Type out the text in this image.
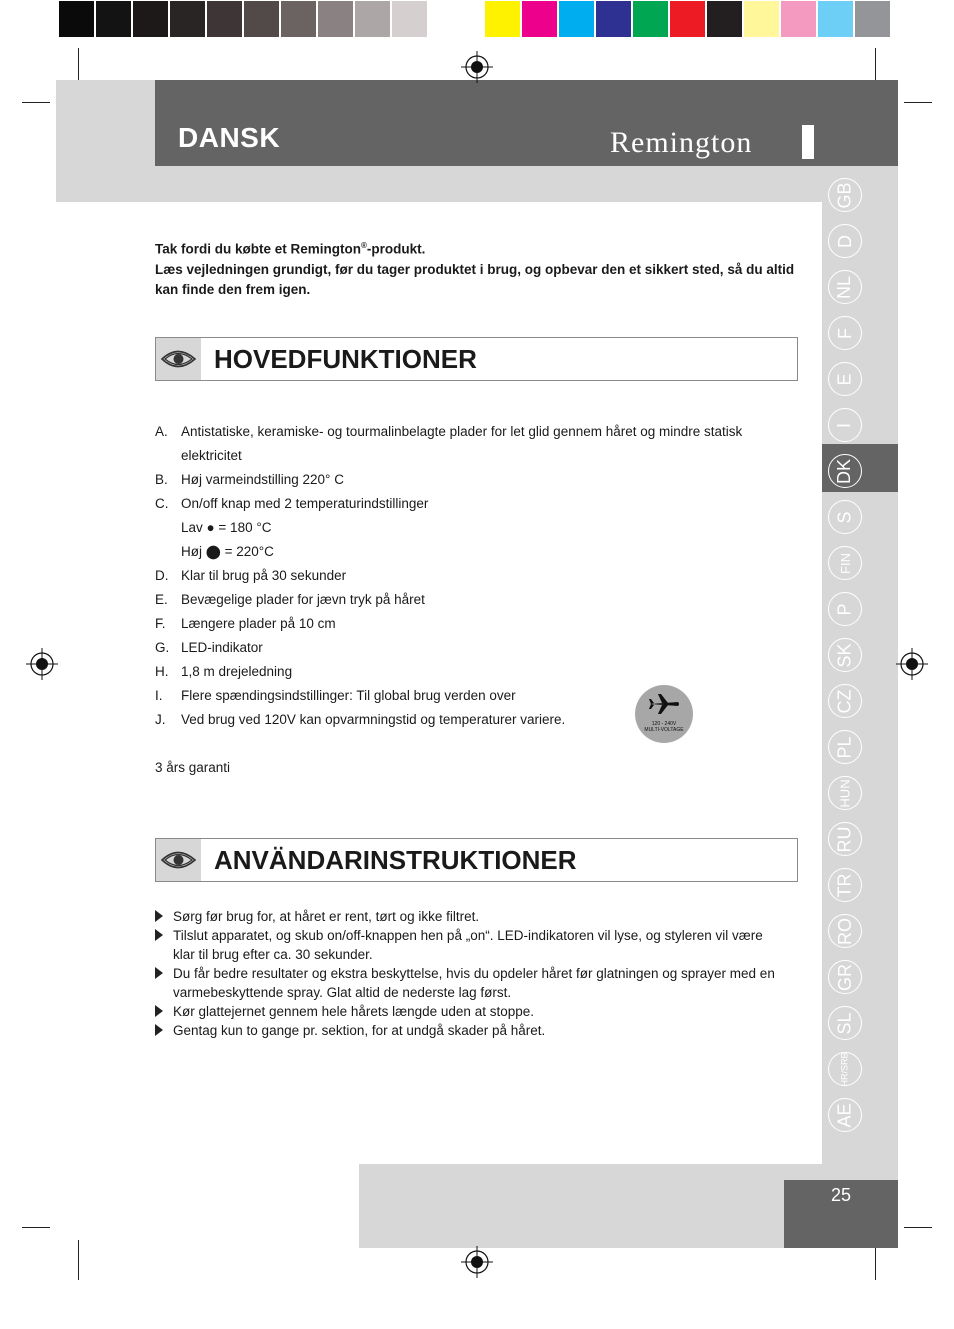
DANSK	Remington
Tak fordi du købte et Remington®-produkt.
Læs vejledningen grundigt, før du tager produktet i brug, og opbevar den et sikkert sted, så du altid kan finde den frem igen.
HOVEDFUNKTIONER
A. Antistatiske, keramiske- og tourmalinbelagte plader for let glid gennem håret og mindre statisk elektricitet
B. Høj varmeindstilling 220° C
C. On/off knap med 2 temperaturindstillinger
Lav ● = 180 °C
Høj ⬤ = 220°C
D. Klar til brug på 30 sekunder
E. Bevægelige plader for jævn tryk på håret
F. Længere plader på 10 cm
G. LED-indikator
H. 1,8 m drejeledning
I. Flere spændingsindstillinger: Til global brug verden over
J. Ved brug ved 120V kan opvarmningstid og temperaturer variere.	120 - 240V
MULTI-VOLTAGE
3 års garanti
ANVÄNDARINSTRUKTIONER
Sørg før brug for, at håret er rent, tørt og ikke filtret.
Tilslut apparatet, og skub on/off-knappen hen på „on“. LED-indikatoren vil lyse, og styleren vil være klar til brug efter ca. 30 sekunder.
Du får bedre resultater og ekstra beskyttelse, hvis du opdeler håret før glatningen og sprayer med en varmebeskyttende spray. Glat altid de nederste lag først.
Kør glattejernet gennem hele hårets længde uden at stoppe.
Gentag kun to gange pr. sektion, for at undgå skader på håret.
GB
D
NL
F
E
I
DK
S
FIN
P
SK
CZ
PL
HUN
RU
TR
RO
GR
SL
HR/SRB
AE
25
